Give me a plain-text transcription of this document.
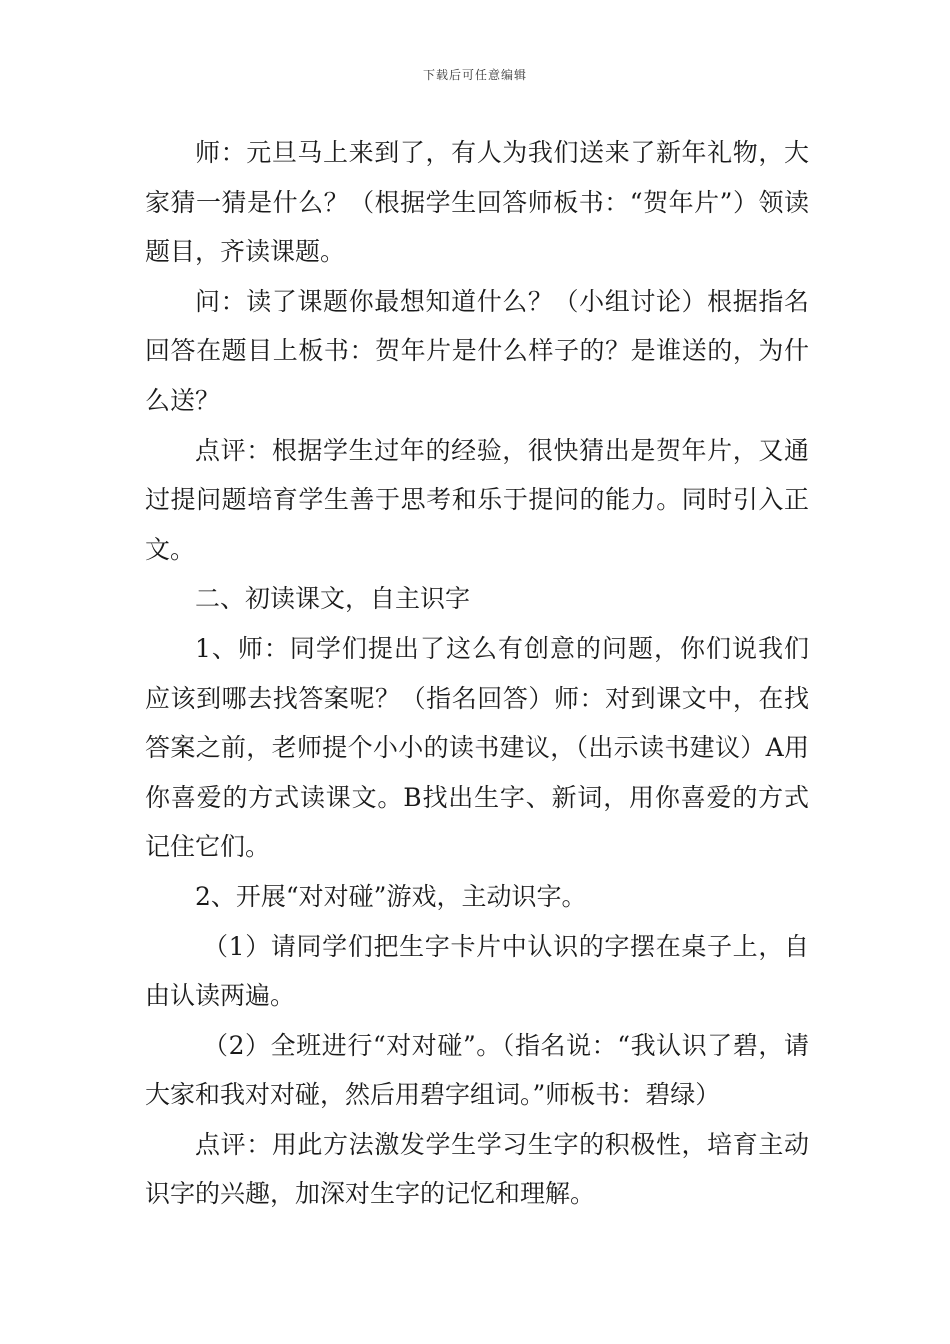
下载后可任意编辑

师：元旦马上来到了，有人为我们送来了新年礼物，大家猜一猜是什么？（根据学生回答师板书：“贺年片”）领读题目，齐读课题。

问：读了课题你最想知道什么？（小组讨论）根据指名回答在题目上板书：贺年片是什么样子的？是谁送的，为什么送？

点评：根据学生过年的经验，很快猜出是贺年片，又通过提问题培育学生善于思考和乐于提问的能力。同时引入正文。

二、初读课文，自主识字

1、师：同学们提出了这么有创意的问题，你们说我们应该到哪去找答案呢？（指名回答）师：对到课文中，在找答案之前，老师提个小小的读书建议，（出示读书建议）A用你喜爱的方式读课文。B找出生字、新词，用你喜爱的方式记住它们。

2、开展“对对碰”游戏，主动识字。

（1）请同学们把生字卡片中认识的字摆在桌子上，自由认读两遍。

（2）全班进行“对对碰”。（指名说：“我认识了碧，请大家和我对对碰，然后用碧字组词。”师板书：碧绿）

点评：用此方法激发学生学习生字的积极性，培育主动识字的兴趣，加深对生字的记忆和理解。
